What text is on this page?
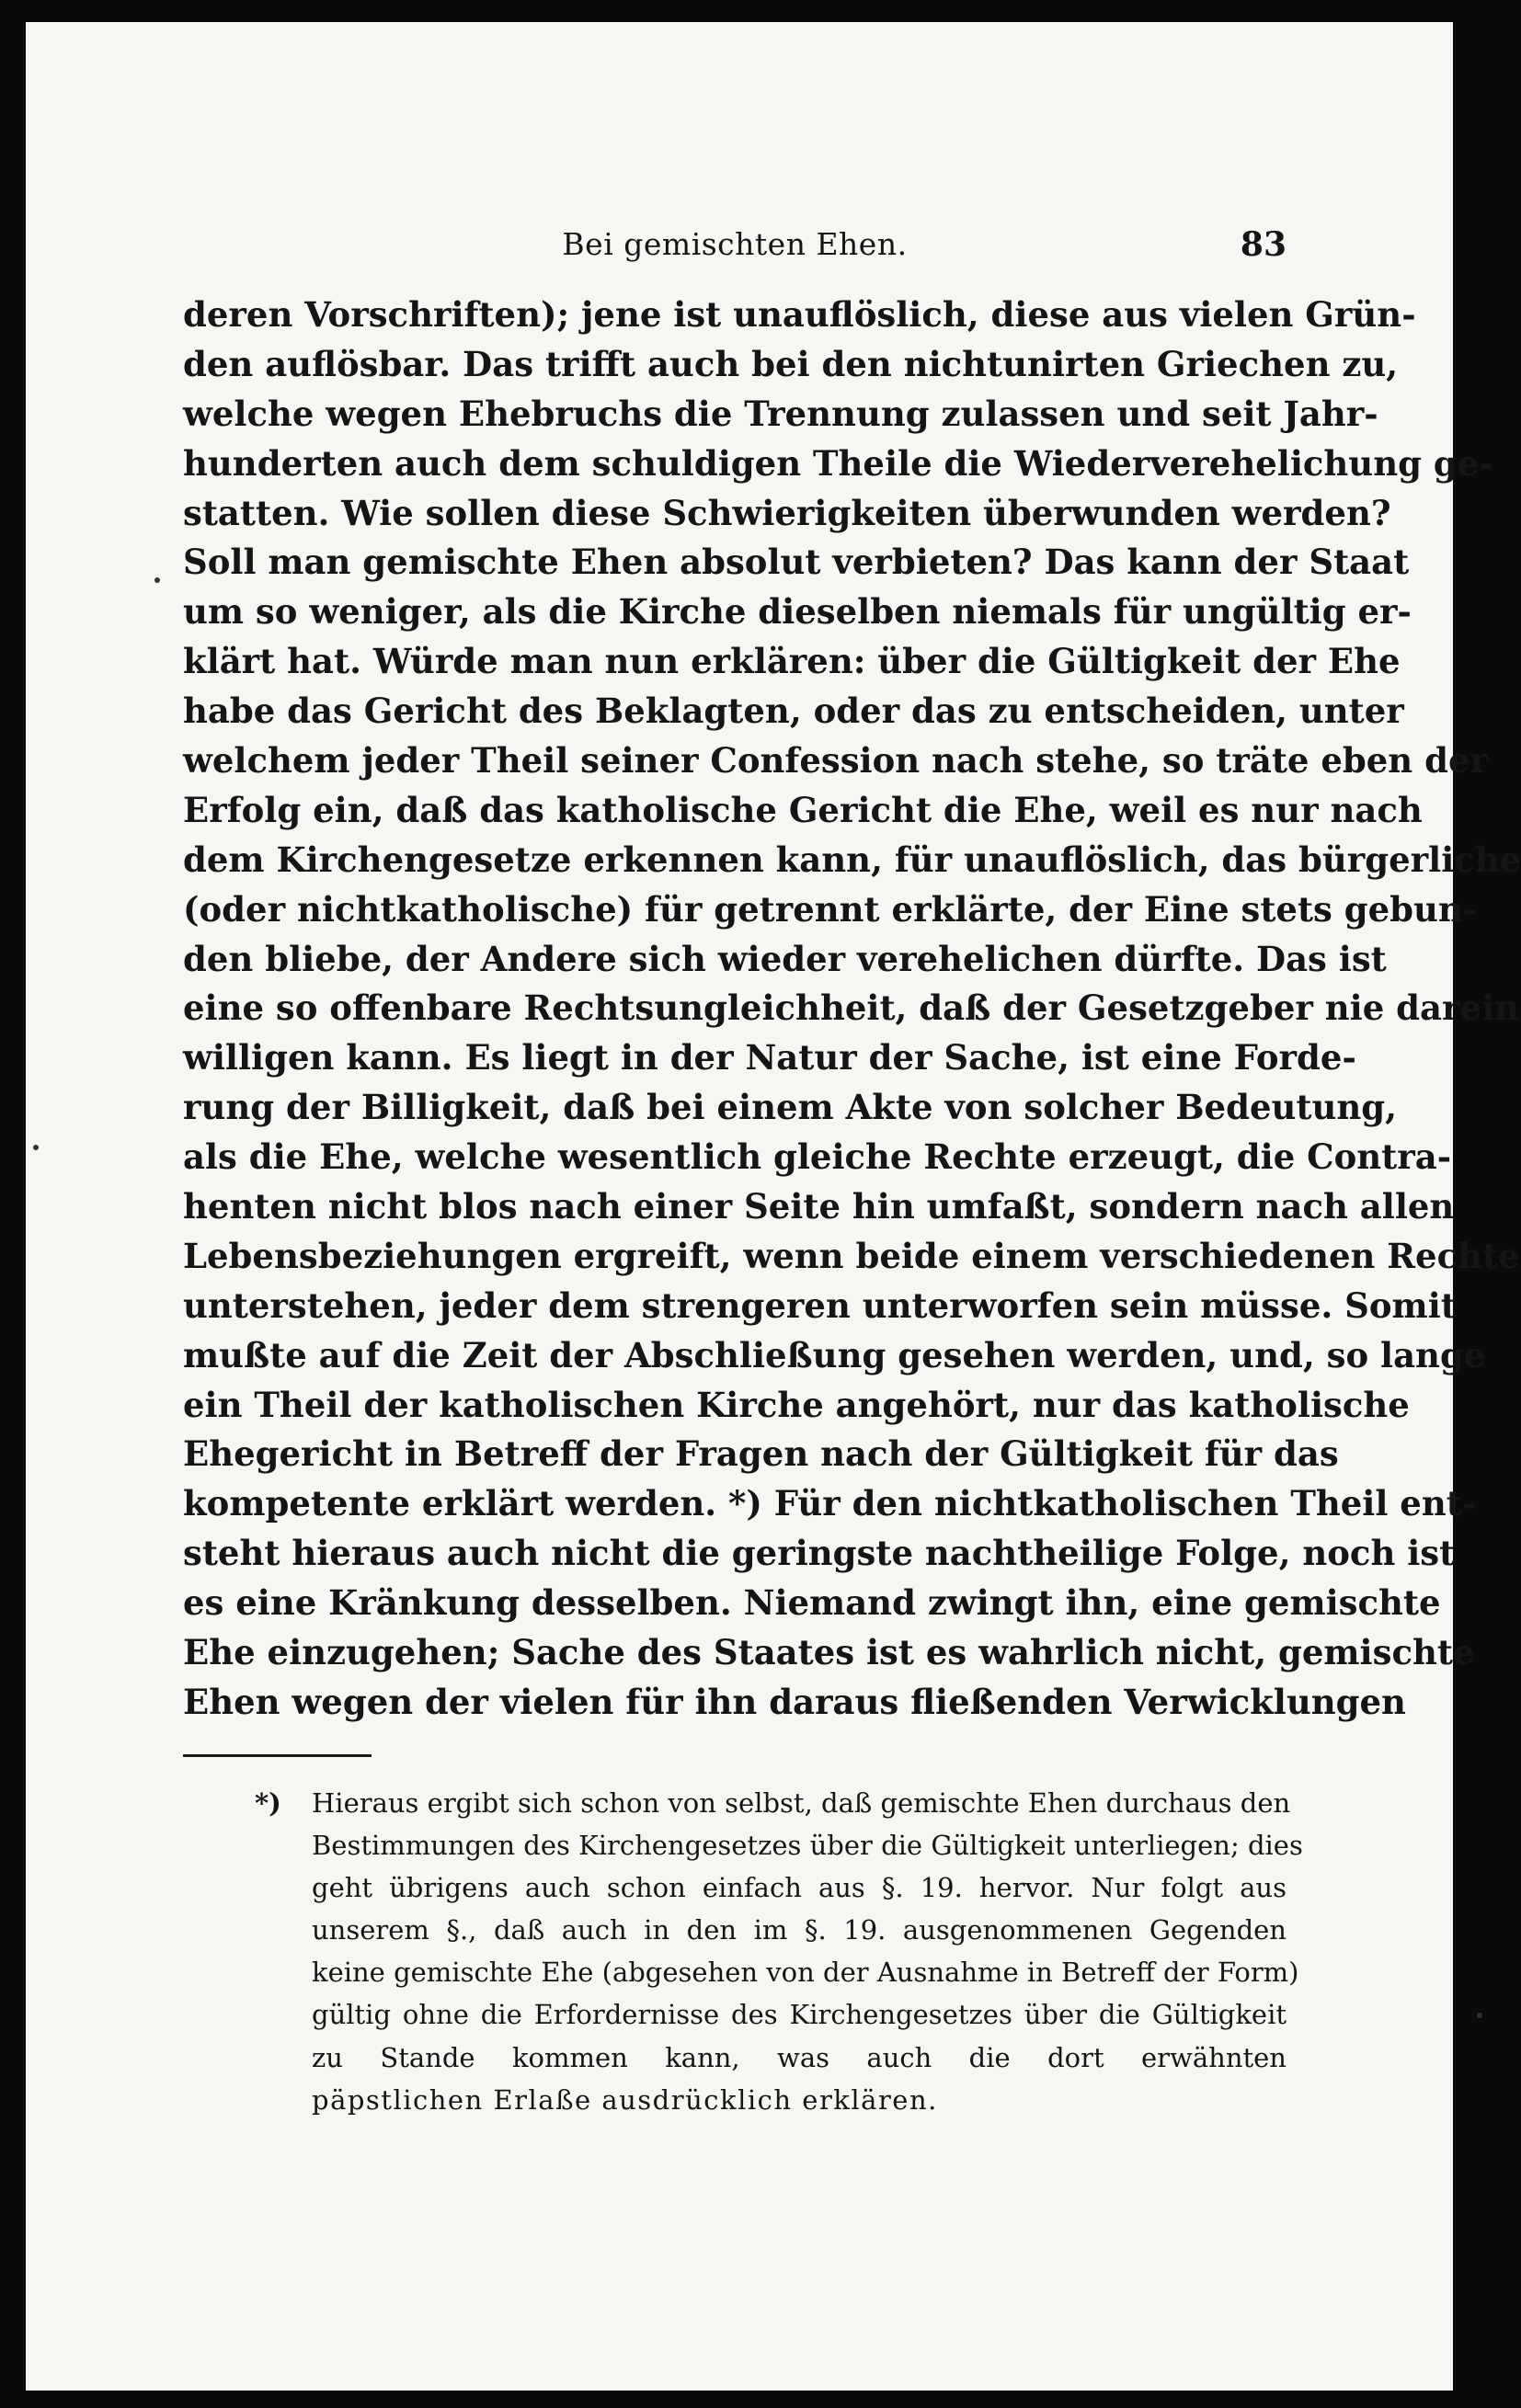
Bei gemischten Ehen.	83
deren Vorschriften); jene ist unauflöslich, diese aus vielen Grün-
den auflösbar. Das trifft auch bei den nichtunirten Griechen zu,
welche wegen Ehebruchs die Trennung zulassen und seit Jahr-
hunderten auch dem schuldigen Theile die Wiederverehelichung ge-
statten. Wie sollen diese Schwierigkeiten überwunden werden?
Soll man gemischte Ehen absolut verbieten? Das kann der Staat
um so weniger, als die Kirche dieselben niemals für ungültig er-
klärt hat. Würde man nun erklären: über die Gültigkeit der Ehe
habe das Gericht des Beklagten, oder das zu entscheiden, unter
welchem jeder Theil seiner Confession nach stehe, so träte eben der
Erfolg ein, daß das katholische Gericht die Ehe, weil es nur nach
dem Kirchengesetze erkennen kann, für unauflöslich, das bürgerliche
(oder nichtkatholische) für getrennt erklärte, der Eine stets gebun-
den bliebe, der Andere sich wieder verehelichen dürfte. Das ist
eine so offenbare Rechtsungleichheit, daß der Gesetzgeber nie darein
willigen kann. Es liegt in der Natur der Sache, ist eine Forde-
rung der Billigkeit, daß bei einem Akte von solcher Bedeutung,
als die Ehe, welche wesentlich gleiche Rechte erzeugt, die Contra-
henten nicht blos nach einer Seite hin umfaßt, sondern nach allen
Lebensbeziehungen ergreift, wenn beide einem verschiedenen Rechte
unterstehen, jeder dem strengeren unterworfen sein müsse. Somit
mußte auf die Zeit der Abschließung gesehen werden, und, so lange
ein Theil der katholischen Kirche angehört, nur das katholische
Ehegericht in Betreff der Fragen nach der Gültigkeit für das
kompetente erklärt werden. *) Für den nichtkatholischen Theil ent-
steht hieraus auch nicht die geringste nachtheilige Folge, noch ist
es eine Kränkung desselben. Niemand zwingt ihn, eine gemischte
Ehe einzugehen; Sache des Staates ist es wahrlich nicht, gemischte
Ehen wegen der vielen für ihn daraus fließenden Verwicklungen
*) Hieraus ergibt sich schon von selbst, daß gemischte Ehen durchaus den
Bestimmungen des Kirchengesetzes über die Gültigkeit unterliegen; dies
geht übrigens auch schon einfach aus §. 19. hervor. Nur folgt aus
unserem §., daß auch in den im §. 19. ausgenommenen Gegenden
keine gemischte Ehe (abgesehen von der Ausnahme in Betreff der Form)
gültig ohne die Erfordernisse des Kirchengesetzes über die Gültigkeit
zu Stande kommen kann, was auch die dort erwähnten
päpstlichen Erlaße ausdrücklich erklären.
